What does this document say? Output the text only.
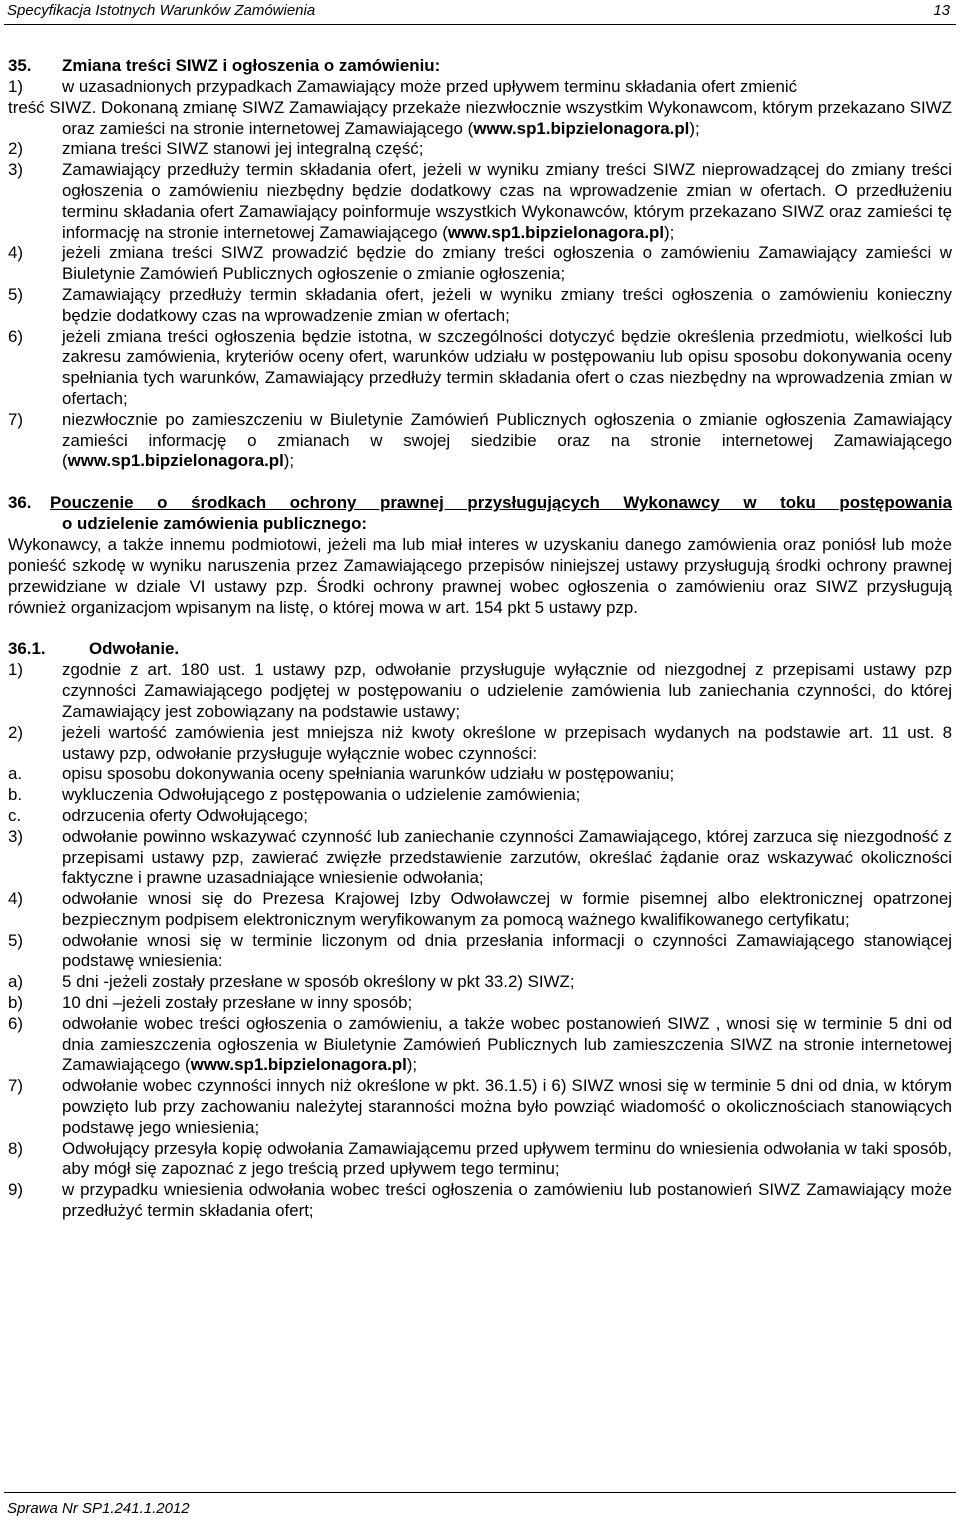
Specyfikacja Istotnych Warunków Zamówienia	13
35. Zmiana treści SIWZ i ogłoszenia o zamówieniu:
1) w uzasadnionych przypadkach Zamawiający może przed upływem terminu składania ofert zmienić
treść SIWZ. Dokonaną zmianę SIWZ Zamawiający przekaże niezwłocznie wszystkim Wykonawcom, którym przekazano SIWZ oraz zamieści na stronie internetowej Zamawiającego (www.sp1.bipzielonagora.pl);
2) zmiana treści SIWZ stanowi jej integralną część;
3) Zamawiający przedłuży termin składania ofert, jeżeli w wyniku zmiany treści SIWZ nieprowadzącej do zmiany treści ogłoszenia o zamówieniu niezbędny będzie dodatkowy czas na wprowadzenie zmian w ofertach. O przedłużeniu terminu składania ofert Zamawiający poinformuje wszystkich Wykonawców, którym przekazano SIWZ oraz zamieści tę informację na stronie internetowej Zamawiającego (www.sp1.bipzielonagora.pl);
4) jeżeli zmiana treści SIWZ prowadzić będzie do zmiany treści ogłoszenia o zamówieniu Zamawiający zamieści w Biuletynie Zamówień Publicznych ogłoszenie o zmianie ogłoszenia;
5) Zamawiający przedłuży termin składania ofert, jeżeli w wyniku zmiany treści ogłoszenia o zamówieniu konieczny będzie dodatkowy czas na wprowadzenie zmian w ofertach;
6) jeżeli zmiana treści ogłoszenia będzie istotna, w szczególności dotyczyć będzie określenia przedmiotu, wielkości lub zakresu zamówienia, kryteriów oceny ofert, warunków udziału w postępowaniu lub opisu sposobu dokonywania oceny spełniania tych warunków, Zamawiający przedłuży termin składania ofert o czas niezbędny na wprowadzenia zmian w ofertach;
7) niezwłocznie po zamieszczeniu w Biuletynie Zamówień Publicznych ogłoszenia o zmianie ogłoszenia Zamawiający zamieści informację o zmianach w swojej siedzibie oraz na stronie internetowej Zamawiającego (www.sp1.bipzielonagora.pl);
36. Pouczenie o środkach ochrony prawnej przysługujących Wykonawcy w toku postępowania
o udzielenie zamówienia publicznego:
Wykonawcy, a także innemu podmiotowi, jeżeli ma lub miał interes w uzyskaniu danego zamówienia oraz poniósł lub może ponieść szkodę w wyniku naruszenia przez Zamawiającego przepisów niniejszej ustawy przysługują środki ochrony prawnej przewidziane w dziale VI ustawy pzp. Środki ochrony prawnej wobec ogłoszenia o zamówieniu oraz SIWZ przysługują również organizacjom wpisanym na listę, o której mowa w art. 154 pkt 5 ustawy pzp.
36.1.	Odwołanie.
1) zgodnie z art. 180 ust. 1 ustawy pzp, odwołanie przysługuje wyłącznie od niezgodnej z przepisami ustawy pzp czynności Zamawiającego podjętej w postępowaniu o udzielenie zamówienia lub zaniechania czynności, do której Zamawiający jest zobowiązany na podstawie ustawy;
2) jeżeli wartość zamówienia jest mniejsza niż kwoty określone w przepisach wydanych na podstawie art. 11 ust. 8 ustawy pzp, odwołanie przysługuje wyłącznie wobec czynności:
a. opisu sposobu dokonywania oceny spełniania warunków udziału w postępowaniu;
b. wykluczenia Odwołującego z postępowania o udzielenie zamówienia;
c. odrzucenia oferty Odwołującego;
3) odwołanie powinno wskazywać czynność lub zaniechanie czynności Zamawiającego, której zarzuca się niezgodność z przepisami ustawy pzp, zawierać zwięzłe przedstawienie zarzutów, określać żądanie oraz wskazywać okoliczności faktyczne i prawne uzasadniające wniesienie odwołania;
4) odwołanie wnosi się do Prezesa Krajowej Izby Odwoławczej w formie pisemnej albo elektronicznej opatrzonej bezpiecznym podpisem elektronicznym weryfikowanym za pomocą ważnego kwalifikowanego certyfikatu;
5) odwołanie wnosi się w terminie liczonym od dnia przesłania informacji o czynności Zamawiającego stanowiącej podstawę wniesienia:
a) 5 dni -jeżeli zostały przesłane w sposób określony w pkt 33.2) SIWZ;
b) 10 dni –jeżeli zostały przesłane w inny sposób;
6) odwołanie wobec treści ogłoszenia o zamówieniu, a także wobec postanowień SIWZ , wnosi się w terminie 5 dni od dnia zamieszczenia ogłoszenia w Biuletynie Zamówień Publicznych lub zamieszczenia SIWZ na stronie internetowej Zamawiającego (www.sp1.bipzielonagora.pl);
7) odwołanie wobec czynności innych niż określone w pkt. 36.1.5) i 6) SIWZ wnosi się w terminie 5 dni od dnia, w którym powzięto lub przy zachowaniu należytej staranności można było powziąć wiadomość o okolicznościach stanowiących podstawę jego wniesienia;
8) Odwołujący przesyła kopię odwołania Zamawiającemu przed upływem terminu do wniesienia odwołania w taki sposób, aby mógł się zapoznać z jego treścią przed upływem tego terminu;
9) w przypadku wniesienia odwołania wobec treści ogłoszenia o zamówieniu lub postanowień SIWZ Zamawiający może przedłużyć termin składania ofert;
Sprawa Nr SP1.241.1.2012
